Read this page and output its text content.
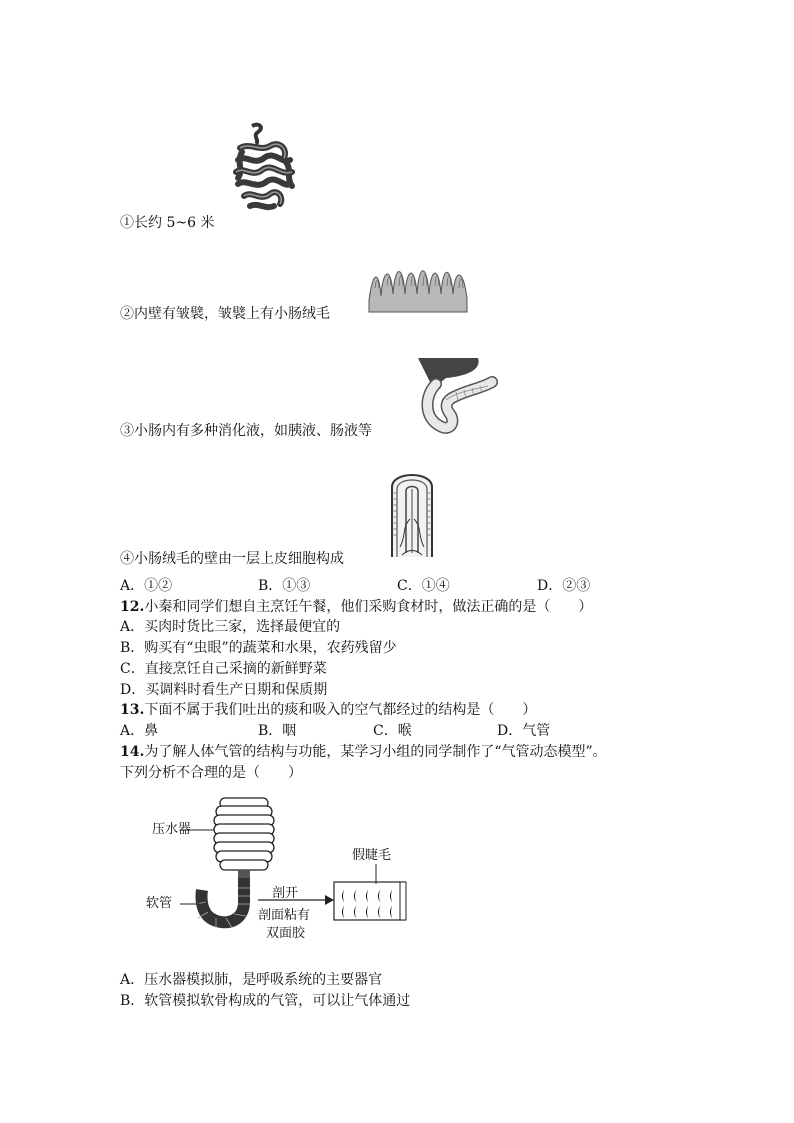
①长约 5~6 米
②内壁有皱襞，皱襞上有小肠绒毛
③小肠内有多种消化液，如胰液、肠液等
④小肠绒毛的壁由一层上皮细胞构成
A．①②	B．①③	C．①④	D．②③
12.小秦和同学们想自主烹饪午餐，他们采购食材时，做法正确的是（　　）
A．买肉时货比三家，选择最便宜的
B．购买有“虫眼”的蔬菜和水果，农药残留少
C．直接烹饪自己采摘的新鲜野菜
D．买调料时看生产日期和保质期
13.下面不属于我们吐出的痰和吸入的空气都经过的结构是（　　）
A．鼻	B．咽	C．喉	D．气管
14.为了解人体气管的结构与功能，某学习小组的同学制作了“气管动态模型”。
下列分析不合理的是（　　）
压水器
软管
剖开
剖面粘有
双面胶
假睫毛
A．压水器模拟肺，是呼吸系统的主要器官
B．软管模拟软骨构成的气管，可以让气体通过
